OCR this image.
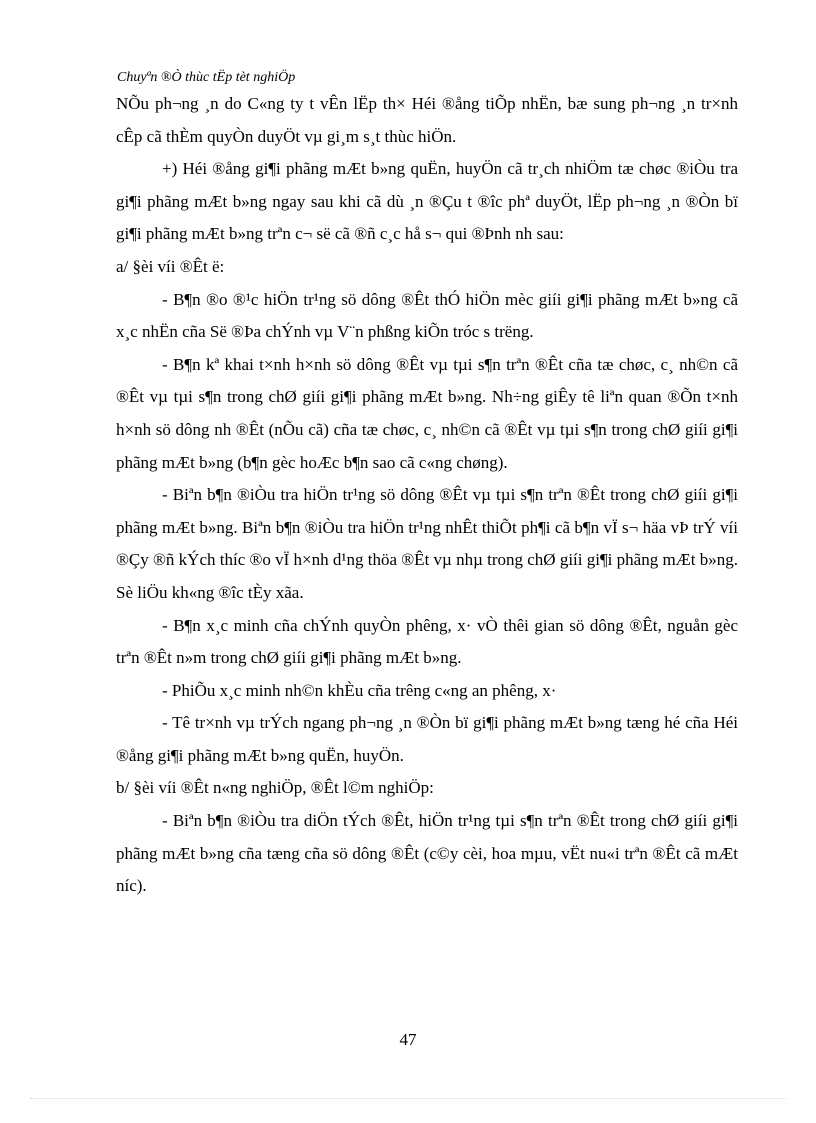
Chuyªn ®Ò thùc tËp tèt nghiÖp

NÕu ph¬ng ¸n do C«ng ty t vÊn lËp th× Héi ®ång tiÕp nhËn, bæ sung ph¬ng ¸n tr×nh cÊp cã thÈm quyÒn duyÖt vµ gi¸m s¸t thùc hiÖn.

+) Héi ®ång gi¶i phãng mÆt b»ng quËn, huyÖn cã tr¸ch nhiÖm tæ chøc ®iÒu tra gi¶i phãng mÆt b»ng ngay sau khi cã dù ¸n ®Çu t ®îc phª duyÖt, lËp ph¬ng ¸n ®Òn bï gi¶i phãng mÆt b»ng trªn c¬ së cã ®ñ c¸c hå s¬ qui ®Þnh nh sau:

a/ §èi víi ®Êt ë:

- B¶n ®o ®¹c hiÖn tr¹ng sö dông ®Êt thÓ hiÖn mèc giíi gi¶i phãng mÆt b»ng cã x¸c nhËn cña Së ®Þa chÝnh vµ V¨n phßng kiÕn tróc s trëng.

- B¶n kª khai t×nh h×nh sö dông ®Êt vµ tµi s¶n trªn ®Êt cña tæ chøc, c¸ nh©n cã ®Êt vµ tµi s¶n trong chØ giíi gi¶i phãng mÆt b»ng. Nh÷ng giÊy tê liªn quan ®Õn t×nh h×nh sö dông nh ®Êt (nÕu cã) cña tæ chøc, c¸ nh©n cã ®Êt vµ tµi s¶n trong chØ giíi gi¶i phãng mÆt b»ng (b¶n gèc hoÆc b¶n sao cã c«ng chøng).

- Biªn b¶n ®iÒu tra hiÖn tr¹ng sö dông ®Êt vµ tµi s¶n trªn ®Êt trong chØ giíi gi¶i phãng mÆt b»ng. Biªn b¶n ®iÒu tra hiÖn tr¹ng nhÊt thiÕt ph¶i cã b¶n vÏ s¬ häa vÞ trÝ víi ®Çy ®ñ kÝch thíc ®o vÏ h×nh d¹ng thöa ®Êt vµ nhµ trong chØ giíi gi¶i phãng mÆt b»ng. Sè liÖu kh«ng ®îc tÈy xãa.

- B¶n x¸c minh cña chÝnh quyÒn phêng, x· vÒ thêi gian sö dông ®Êt, nguån gèc trªn ®Êt n»m trong chØ giíi gi¶i phãng mÆt b»ng.

- PhiÕu x¸c minh nh©n khÈu cña trêng c«ng an phêng, x·

- Tê tr×nh vµ trÝch ngang ph¬ng ¸n ®Òn bï gi¶i phãng mÆt b»ng tæng hé cña Héi ®ång gi¶i phãng mÆt b»ng quËn, huyÖn.

b/ §èi víi ®Êt n«ng nghiÖp, ®Êt l©m nghiÖp:

- Biªn b¶n ®iÒu tra diÖn tÝch ®Êt, hiÖn tr¹ng tµi s¶n trªn ®Êt trong chØ giíi gi¶i phãng mÆt b»ng cña tæng cña sö dông ®Êt (c©y cèi, hoa mµu, vËt nu«i trªn ®Êt cã mÆt níc).

47
